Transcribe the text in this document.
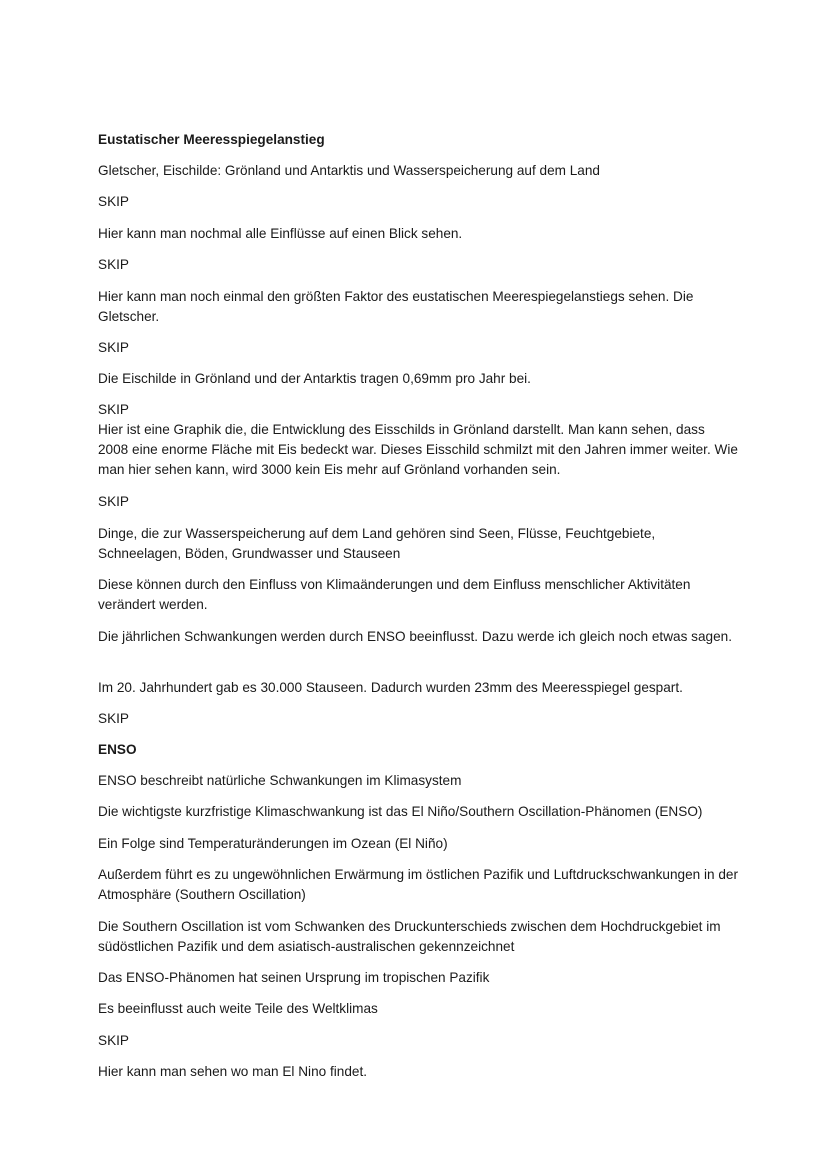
Eustatischer Meeresspiegelanstieg

Gletscher, Eischilde: Grönland und Antarktis und Wasserspeicherung auf dem Land

SKIP

Hier kann man nochmal alle Einflüsse auf einen Blick sehen.

SKIP

Hier kann man noch einmal den größten Faktor des eustatischen Meerespiegelanstiegs sehen. Die Gletscher.

SKIP

Die Eischilde in Grönland und der Antarktis tragen 0,69mm pro Jahr bei.

SKIP

Hier ist eine Graphik die, die Entwicklung des Eisschilds in Grönland darstellt. Man kann sehen, dass 2008 eine enorme Fläche mit Eis bedeckt war. Dieses Eisschild schmilzt mit den Jahren immer weiter. Wie man hier sehen kann, wird 3000 kein Eis mehr auf Grönland vorhanden sein.

SKIP

Dinge, die zur Wasserspeicherung auf dem Land gehören sind Seen, Flüsse, Feuchtgebiete, Schneelagen, Böden, Grundwasser und Stauseen

Diese können durch den Einfluss von Klimaänderungen und dem Einfluss menschlicher Aktivitäten verändert werden.

Die jährlichen Schwankungen werden durch ENSO beeinflusst. Dazu werde ich gleich noch etwas sagen.

Im 20. Jahrhundert gab es 30.000 Stauseen. Dadurch wurden 23mm des Meeresspiegel gespart.

SKIP

ENSO

ENSO beschreibt natürliche Schwankungen im Klimasystem

Die wichtigste kurzfristige Klimaschwankung ist das El Niño/Southern Oscillation-Phänomen (ENSO)

Ein Folge sind Temperaturänderungen im Ozean (El Niño)

Außerdem führt es zu ungewöhnlichen Erwärmung im östlichen Pazifik und Luftdruckschwankungen in der Atmosphäre (Southern Oscillation)

Die Southern Oscillation ist vom Schwanken des Druckunterschieds zwischen dem Hochdruckgebiet im südöstlichen Pazifik und dem asiatisch-australischen gekennzeichnet

Das ENSO-Phänomen hat seinen Ursprung im tropischen Pazifik

Es beeinflusst auch weite Teile des Weltklimas

SKIP

Hier kann man sehen wo man El Nino findet.
